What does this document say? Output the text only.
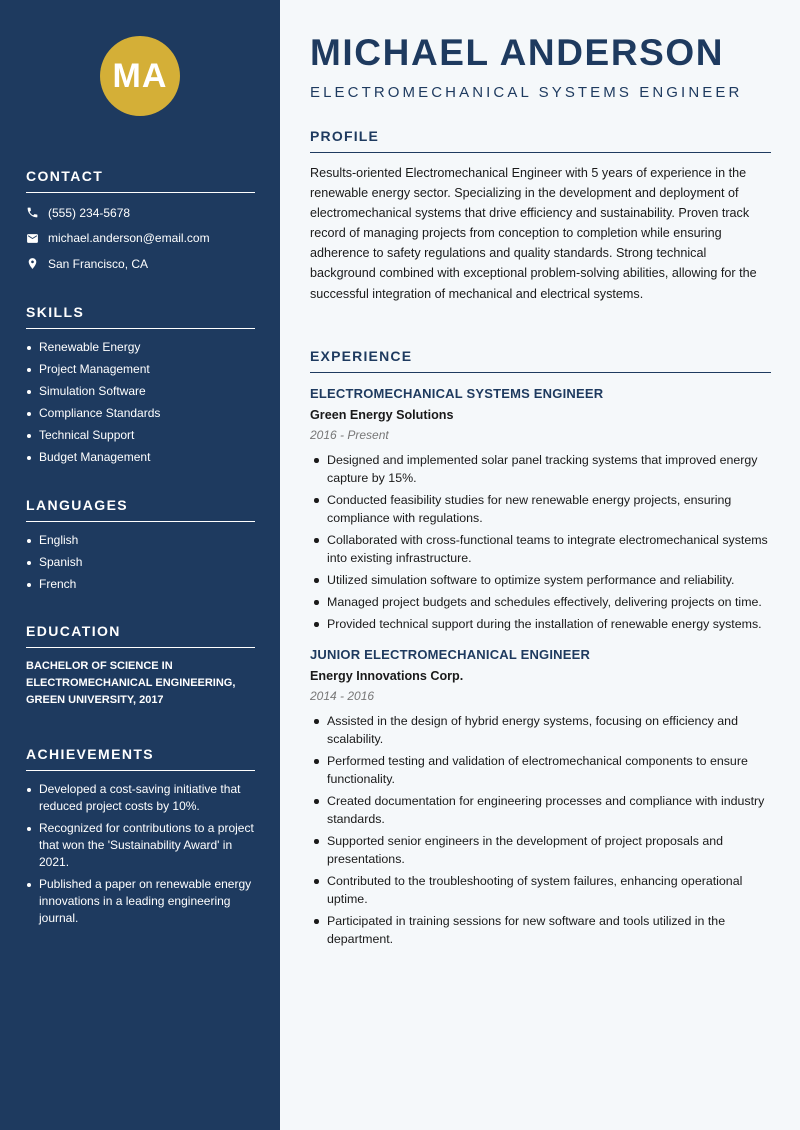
MA
CONTACT
(555) 234-5678
michael.anderson@email.com
San Francisco, CA
SKILLS
Renewable Energy
Project Management
Simulation Software
Compliance Standards
Technical Support
Budget Management
LANGUAGES
English
Spanish
French
EDUCATION

BACHELOR OF SCIENCE IN ELECTROMECHANICAL ENGINEERING, GREEN UNIVERSITY, 2017

ACHIEVEMENTS
Developed a cost-saving initiative that reduced project costs by 10%.
Recognized for contributions to a project that won the 'Sustainability Award' in 2021.
Published a paper on renewable energy innovations in a leading engineering journal.
MICHAEL ANDERSON
ELECTROMECHANICAL SYSTEMS ENGINEER
PROFILE

Results-oriented Electromechanical Engineer with 5 years of experience in the renewable energy sector. Specializing in the development and deployment of electromechanical systems that drive efficiency and sustainability. Proven track record of managing projects from conception to completion while ensuring adherence to safety regulations and quality standards. Strong technical background combined with exceptional problem-solving abilities, allowing for the successful integration of mechanical and electrical systems.

EXPERIENCE
ELECTROMECHANICAL SYSTEMS ENGINEER
Green Energy Solutions
2016 - Present
Designed and implemented solar panel tracking systems that improved energy capture by 15%.
Conducted feasibility studies for new renewable energy projects, ensuring compliance with regulations.
Collaborated with cross-functional teams to integrate electromechanical systems into existing infrastructure.
Utilized simulation software to optimize system performance and reliability.
Managed project budgets and schedules effectively, delivering projects on time.
Provided technical support during the installation of renewable energy systems.
JUNIOR ELECTROMECHANICAL ENGINEER
Energy Innovations Corp.
2014 - 2016
Assisted in the design of hybrid energy systems, focusing on efficiency and scalability.
Performed testing and validation of electromechanical components to ensure functionality.
Created documentation for engineering processes and compliance with industry standards.
Supported senior engineers in the development of project proposals and presentations.
Contributed to the troubleshooting of system failures, enhancing operational uptime.
Participated in training sessions for new software and tools utilized in the department.
